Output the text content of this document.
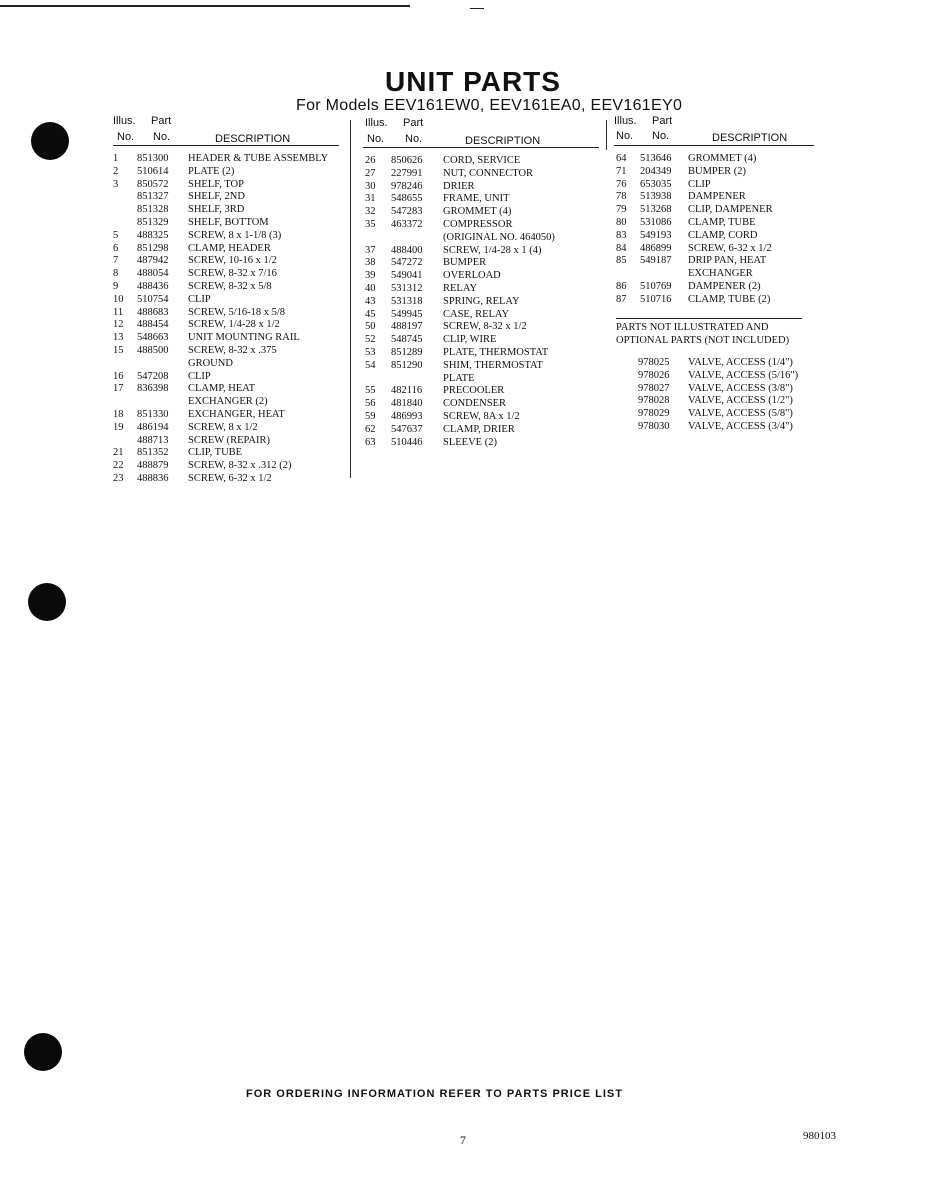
UNIT PARTS
For Models EEV161EW0, EEV161EA0, EEV161EY0
Illus. Part
No. No.	DESCRIPTION
1 851300 HEADER & TUBE ASSEMBLY
2 510614 PLATE (2)
3 850572 SHELF, TOP
851327 SHELF, 2ND
851328 SHELF, 3RD
851329 SHELF, BOTTOM
5 488325 SCREW, 8 x 1-1/8 (3)
6 851298 CLAMP, HEADER
7 487942 SCREW, 10-16 x 1/2
8 488054 SCREW, 8-32 x 7/16
9 488436 SCREW, 8-32 x 5/8
10 510754 CLIP
11 488683 SCREW, 5/16-18 x 5/8
12 488454 SCREW, 1/4-28 x 1/2
13 548663 UNIT MOUNTING RAIL
15 488500 SCREW, 8-32 x .375
GROUND
16 547208 CLIP
17 836398 CLAMP, HEAT
EXCHANGER (2)
18 851330 EXCHANGER, HEAT
19 486194 SCREW, 8 x 1/2
488713 SCREW (REPAIR)
21 851352 CLIP, TUBE
22 488879 SCREW, 8-32 x .312 (2)
23 488836 SCREW, 6-32 x 1/2
Illus. Part
No. No.	DESCRIPTION
26 850626 CORD, SERVICE
27 227991 NUT, CONNECTOR
30 978246 DRIER
31 548655 FRAME, UNIT
32 547283 GROMMET (4)
35 463372 COMPRESSOR
(ORIGINAL NO. 464050)
37 488400 SCREW, 1/4-28 x 1 (4)
38 547272 BUMPER
39 549041 OVERLOAD
40 531312 RELAY
43 531318 SPRING, RELAY
45 549945 CASE, RELAY
50 488197 SCREW, 8-32 x 1/2
52 548745 CLIP, WIRE
53 851289 PLATE, THERMOSTAT
54 851290 SHIM, THERMOSTAT
PLATE
55 482116 PRECOOLER
56 481840 CONDENSER
59 486993 SCREW, 8A x 1/2
62 547637 CLAMP, DRIER
63 510446 SLEEVE (2)
Illus. Part
No. No.	DESCRIPTION
64 513646 GROMMET (4)
71 204349 BUMPER (2)
76 653035 CLIP
78 513938 DAMPENER
79 513268 CLIP, DAMPENER
80 531086 CLAMP, TUBE
83 549193 CLAMP, CORD
84 486899 SCREW, 6-32 x 1/2
85 549187 DRIP PAN, HEAT
EXCHANGER
86 510769 DAMPENER (2)
87 510716 CLAMP, TUBE (2)
PARTS NOT ILLUSTRATED AND
OPTIONAL PARTS (NOT INCLUDED)
978025 VALVE, ACCESS (1/4")
978026 VALVE, ACCESS (5/16")
978027 VALVE, ACCESS (3/8")
978028 VALVE, ACCESS (1/2")
978029 VALVE, ACCESS (5/8")
978030 VALVE, ACCESS (3/4")
FOR ORDERING INFORMATION REFER TO PARTS PRICE LIST
7	980103
